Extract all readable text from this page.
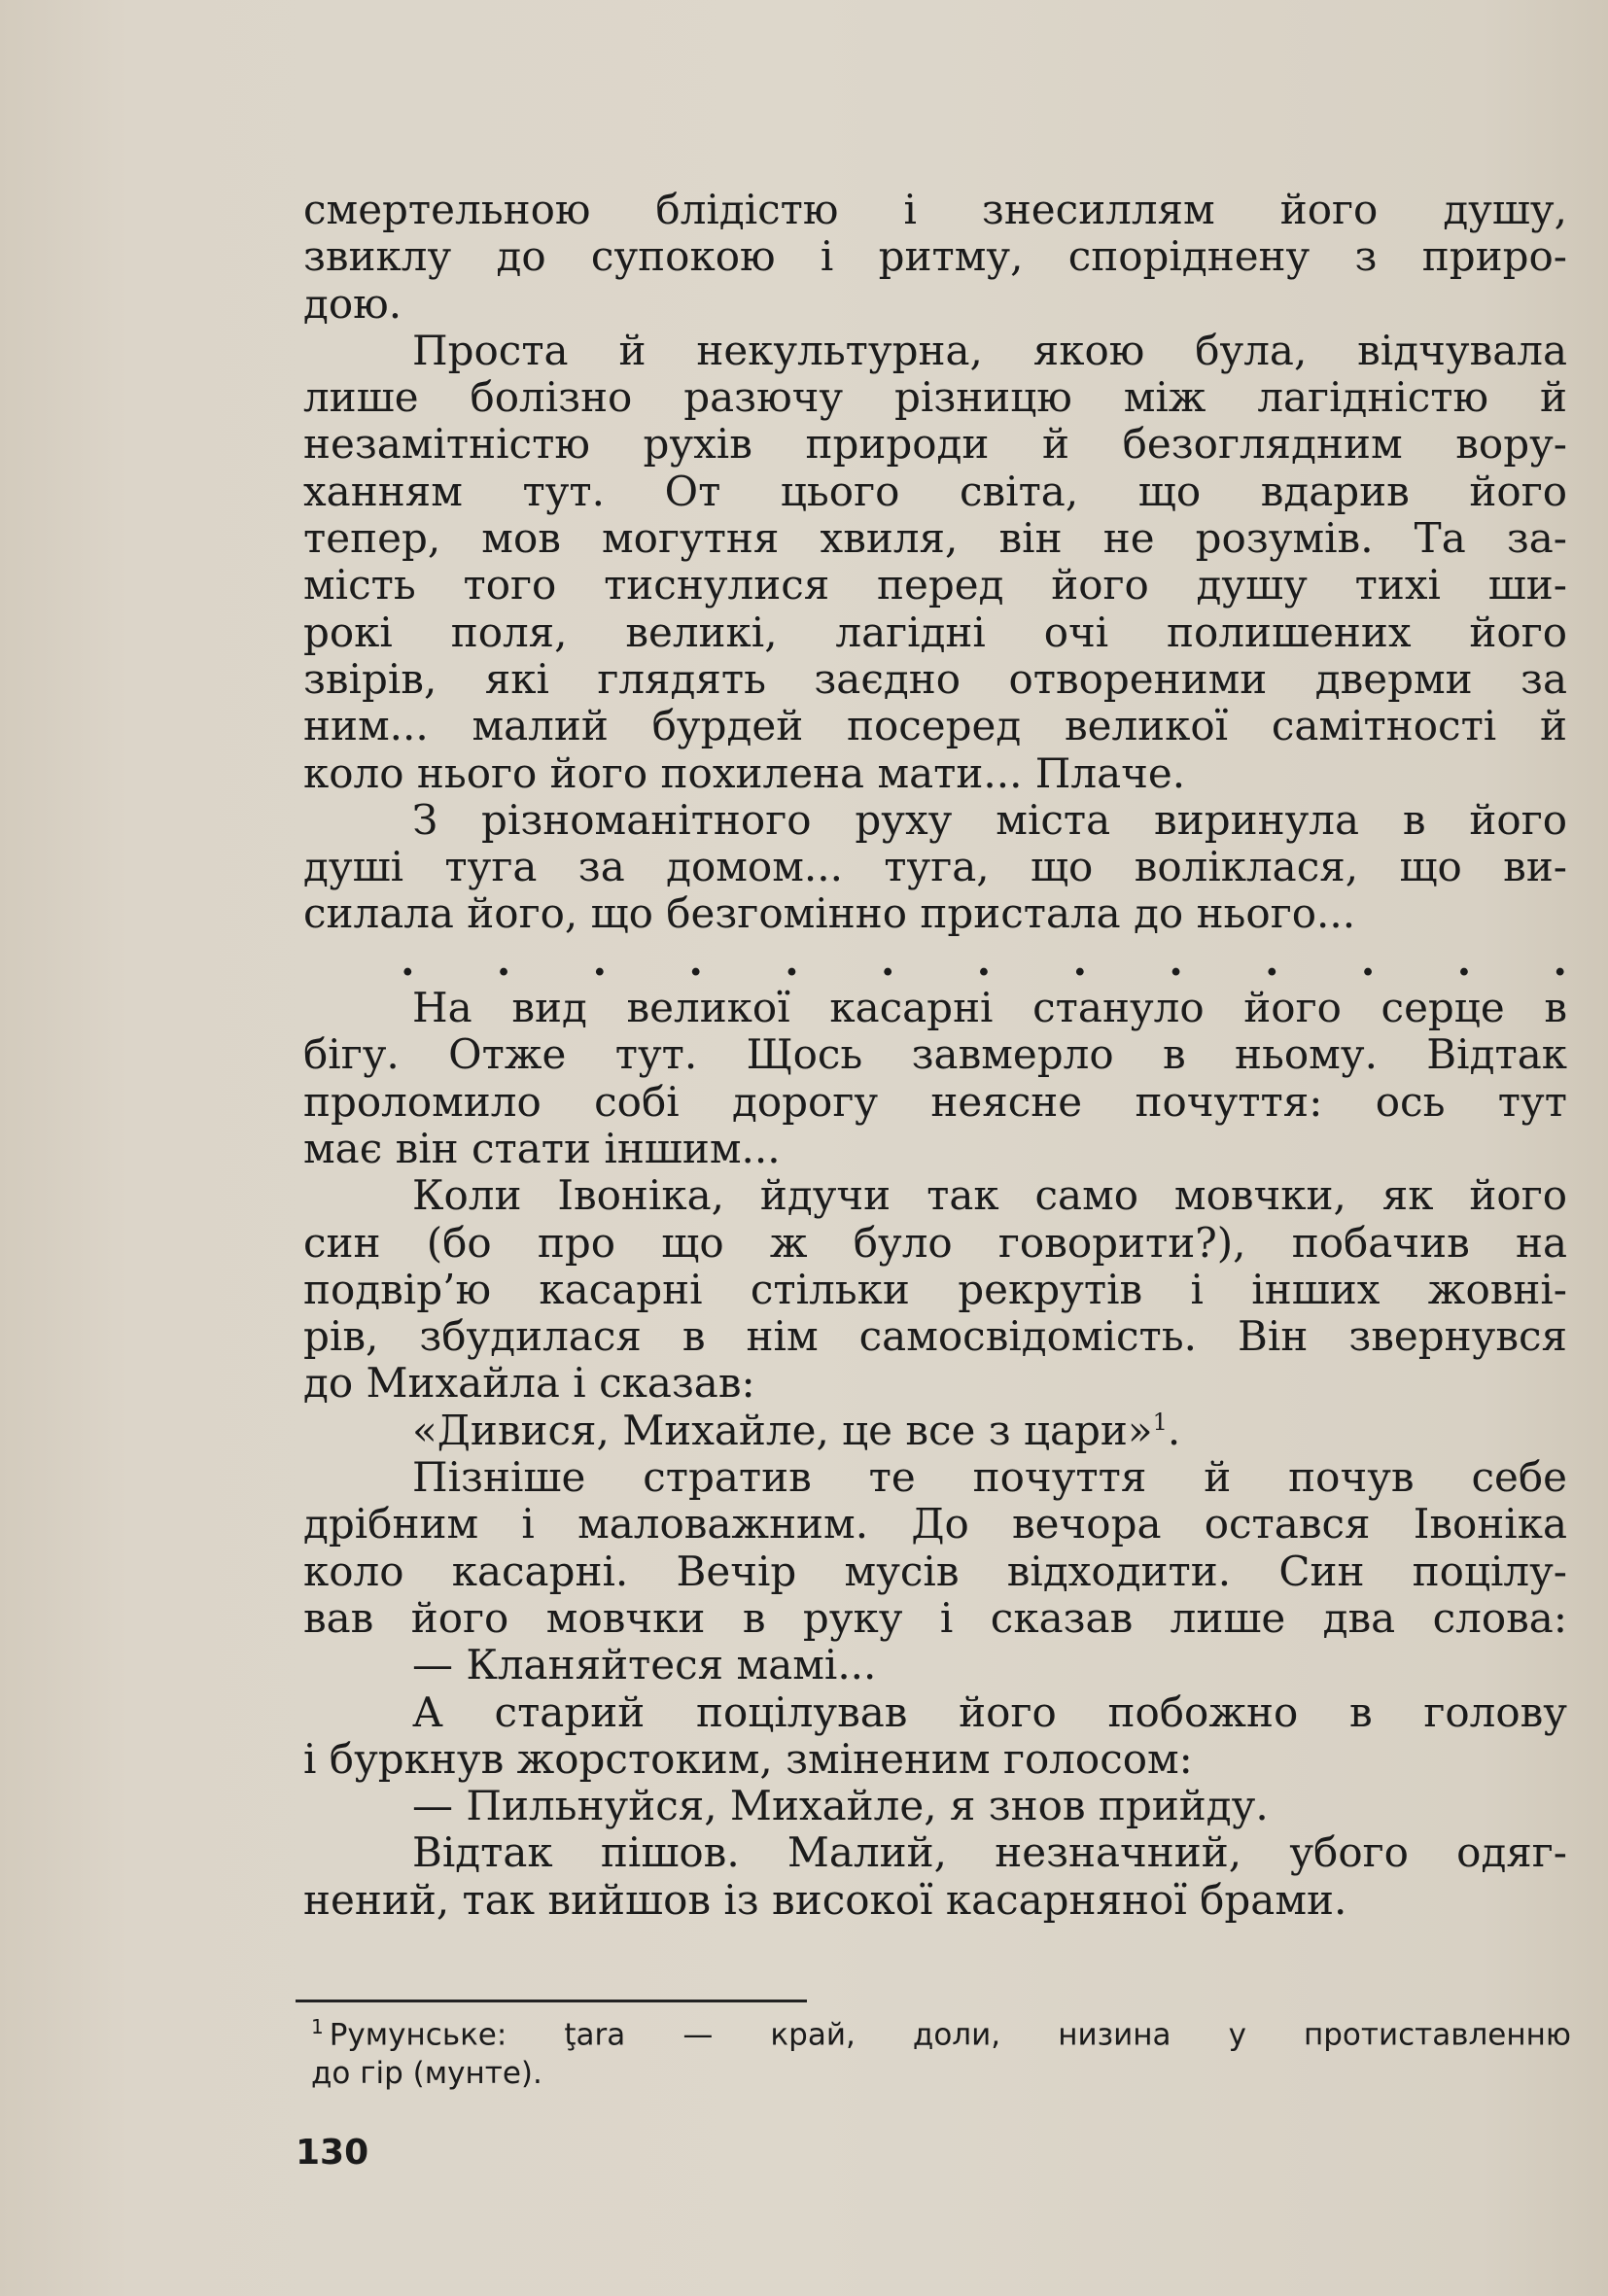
смертельною блідістю і знесиллям його душу,
звиклу до супокою і ритму, споріднену з приро-
дою.
Проста й некультурна, якою була, відчувала
лише болізно разючу різницю між лагідністю й
незамітністю рухів природи й безоглядним вору-
ханням тут. От цього світа, що вдарив його
тепер, мов могутня хвиля, він не розумів. Та за-
мість того тиснулися перед його душу тихі ши-
рокі поля, великі, лагідні очі полишених його
звірів, які глядять заєдно отвореними дверми за
ним... малий бурдей посеред великої самітності й
коло нього його похилена мати... Плаче.
З різноманітного руху міста виринула в його
душі туга за домом... туга, що воліклася, що ви-
силала його, що безгомінно пристала до нього...
. . . . . . . . . . . . .
На вид великої касарні стануло його серце в
бігу. Отже тут. Щось завмерло в ньому. Відтак
проломило собі дорогу неясне почуття: ось тут
має він стати іншим...
Коли Івоніка, йдучи так само мовчки, як його
син (бо про що ж було говорити?), побачив на
подвір’ю касарні стільки рекрутів і інших жовні-
рів, збудилася в нім самосвідомість. Він звернувся
до Михайла і сказав:
«Дивися, Михайле, це все з цари»$^1$.
Пізніше стратив те почуття й почув себе
дрібним і маловажним. До вечора остався Івоніка
коло касарні. Вечір мусів відходити. Син поцілу-
вав його мовчки в руку і сказав лише два слова:
— Кланяйтеся мамі...
А старий поцілував його побожно в голову
і буркнув жорстоким, зміненим голосом:
— Пильнуйся, Михайле, я знов прийду.
Відтак пішов. Малий, незначний, убого одяг-
нений, так вийшов із високої касарняної брами.
$^1$ Румунське: ţara — край, доли, низина у протиставленню
до гір (мунте).
130
